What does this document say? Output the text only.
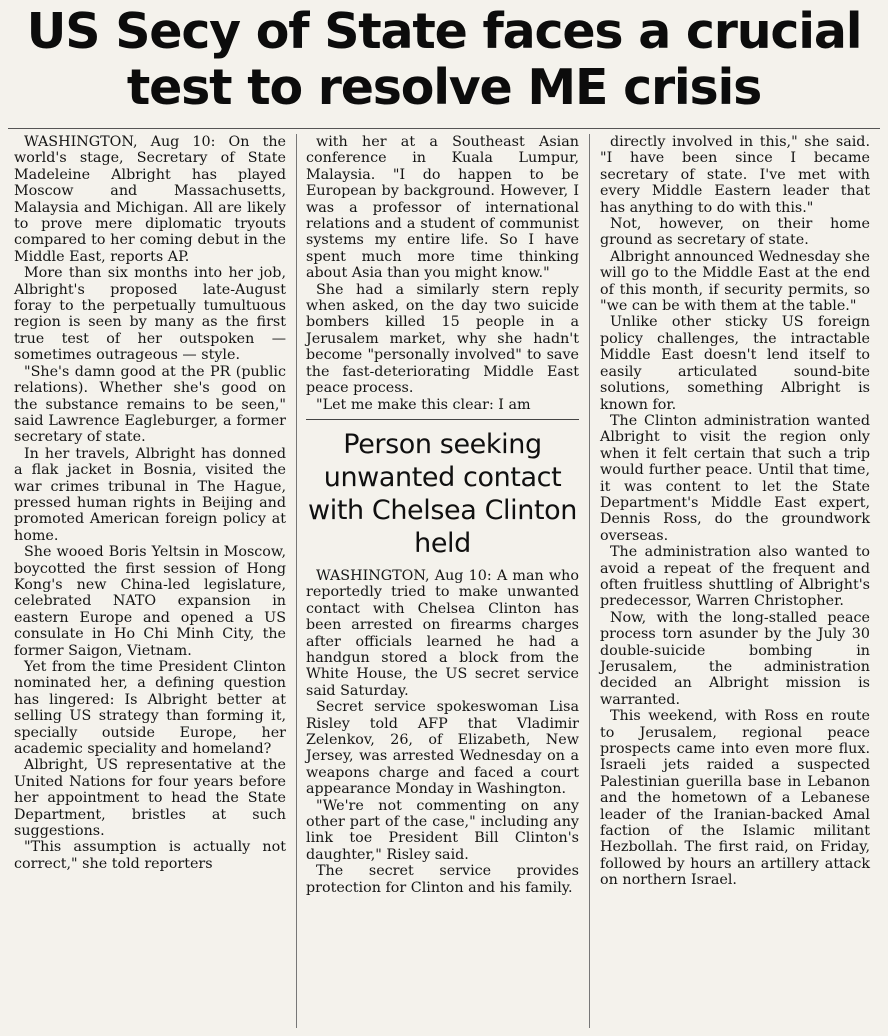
US Secy of State faces a crucial
test to resolve ME crisis

WASHINGTON, Aug 10: On the world's stage, Secretary of State Madeleine Albright has played Moscow and Massachusetts, Malaysia and Michigan. All are likely to prove mere diplomatic tryouts compared to her coming debut in the Middle East, reports AP.

More than six months into her job, Albright's proposed late-August foray to the perpetually tumultuous region is seen by many as the first true test of her outspoken — sometimes outrageous — style.

"She's damn good at the PR (public relations). Whether she's good on the substance remains to be seen," said Lawrence Eagleburger, a former secretary of state.

In her travels, Albright has donned a flak jacket in Bosnia, visited the war crimes tribunal in The Hague, pressed human rights in Beijing and promoted American foreign policy at home.

She wooed Boris Yeltsin in Moscow, boycotted the first session of Hong Kong's new China-led legislature, celebrated NATO expansion in eastern Europe and opened a US consulate in Ho Chi Minh City, the former Saigon, Vietnam.

Yet from the time President Clinton nominated her, a defining question has lingered: Is Albright better at selling US strategy than forming it, specially outside Europe, her academic speciality and homeland?

Albright, US representative at the United Nations for four years before her appointment to head the State Department, bristles at such suggestions.

"This assumption is actually not correct," she told reporters

with her at a Southeast Asian conference in Kuala Lumpur, Malaysia. "I do happen to be European by background. However, I was a professor of international relations and a student of communist systems my entire life. So I have spent much more time thinking about Asia than you might know."

She had a similarly stern reply when asked, on the day two suicide bombers killed 15 people in a Jerusalem market, why she hadn't become "personally involved" to save the fast-deteriorating Middle East peace process.

"Let me make this clear: I am

Person seeking unwanted contact with Chelsea Clinton held

WASHINGTON, Aug 10: A man who reportedly tried to make unwanted contact with Chelsea Clinton has been arrested on firearms charges after officials learned he had a handgun stored a block from the White House, the US secret service said Saturday.

Secret service spokeswoman Lisa Risley told AFP that Vladimir Zelenkov, 26, of Elizabeth, New Jersey, was arrested Wednesday on a weapons charge and faced a court appearance Monday in Washington.

"We're not commenting on any other part of the case," including any link toe President Bill Clinton's daughter," Risley said.

The secret service provides protection for Clinton and his family.

directly involved in this," she said. "I have been since I became secretary of state. I've met with every Middle Eastern leader that has anything to do with this."

Not, however, on their home ground as secretary of state.

Albright announced Wednesday she will go to the Middle East at the end of this month, if security permits, so "we can be with them at the table."

Unlike other sticky US foreign policy challenges, the intractable Middle East doesn't lend itself to easily articulated sound-bite solutions, something Albright is known for.

The Clinton administration wanted Albright to visit the region only when it felt certain that such a trip would further peace. Until that time, it was content to let the State Department's Middle East expert, Dennis Ross, do the groundwork overseas.

The administration also wanted to avoid a repeat of the frequent and often fruitless shuttling of Albright's predecessor, Warren Christopher.

Now, with the long-stalled peace process torn asunder by the July 30 double-suicide bombing in Jerusalem, the administration decided an Albright mission is warranted.

This weekend, with Ross en route to Jerusalem, regional peace prospects came into even more flux. Israeli jets raided a suspected Palestinian guerilla base in Lebanon and the hometown of a Lebanese leader of the Iranian-backed Amal faction of the Islamic militant Hezbollah. The first raid, on Friday, followed by hours an artillery attack on northern Israel.
